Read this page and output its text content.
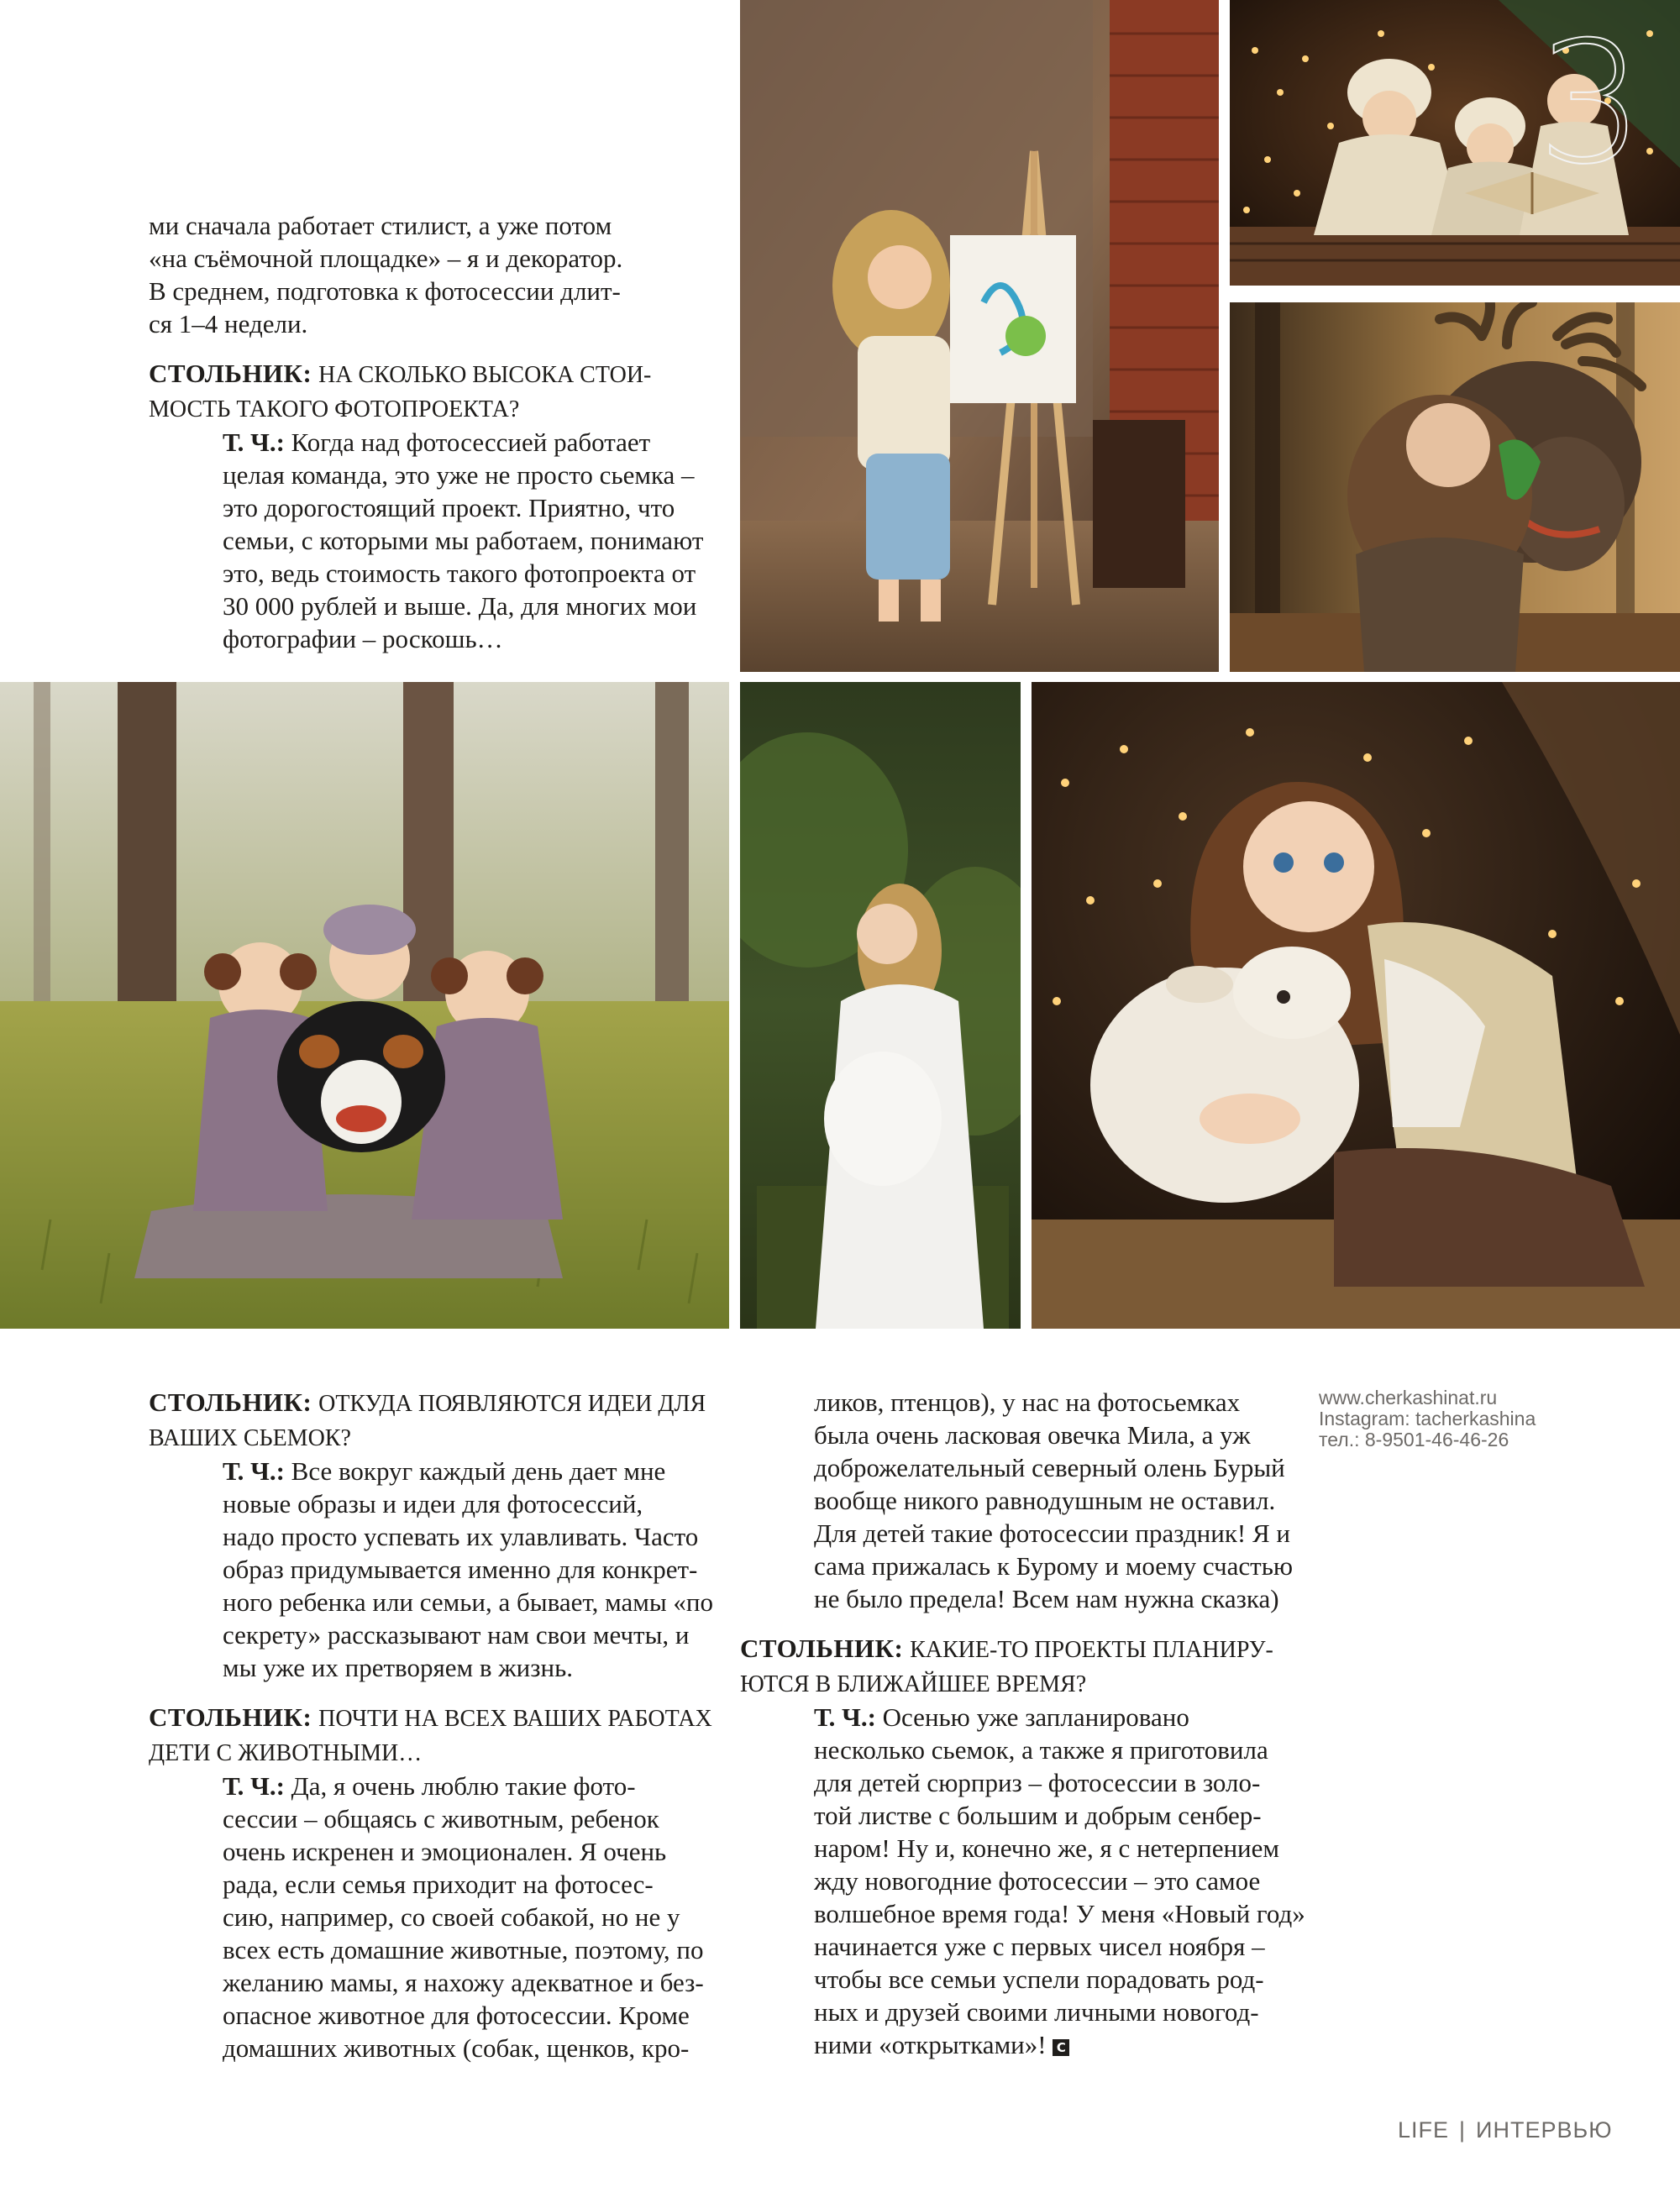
3

ми сначала работает стилист, а уже потом

«на съёмочной площадке» – я и декоратор.

В среднем, подготовка к фотосессии длит-

ся 1–4 недели.

СТОЛЬНИК: НА СКОЛЬКО ВЫСОКА СТОИ-

МОСТЬ ТАКОГО ФОТОПРОЕКТА?

Т. Ч.: Когда над фотосессией работает

целая команда, это уже не просто сьемка –

это дорогостоящий проект. Приятно, что

семьи, с которыми мы работаем, понимают

это, ведь стоимость такого фотопроекта от

30 000 рублей и выше. Да, для многих мои

фотографии – роскошь…

СТОЛЬНИК: ОТКУДА ПОЯВЛЯЮТСЯ ИДЕИ ДЛЯ

ВАШИХ СЬЕМОК?

Т. Ч.: Все вокруг каждый день дает мне

новые образы и идеи для фотосессий,

надо просто успевать их улавливать. Часто

образ придумывается именно для конкрет-

ного ребенка или семьи, а бывает, мамы «по

секрету» рассказывают нам свои мечты, и

мы уже их претворяем в жизнь.

СТОЛЬНИК: ПОЧТИ НА ВСЕХ ВАШИХ РАБОТАХ

ДЕТИ С ЖИВОТНЫМИ…

Т. Ч.: Да, я очень люблю такие фото-

сессии – общаясь с животным, ребенок

очень искренен и эмоционален. Я очень

рада, если семья приходит на фотосес-

сию, например, со своей собакой, но не у

всех есть домашние животные, поэтому, по

желанию мамы, я нахожу адекватное и без-

опасное животное для фотосессии. Кроме

домашних животных (собак, щенков, кро-

ликов, птенцов), у нас на фотосьемках

была очень ласковая овечка Мила, а уж

доброжелательный северный олень Бурый

вообще никого равнодушным не оставил.

Для детей такие фотосессии праздник! Я и

сама прижалась к Бурому и моему счастью

не было предела! Всем нам нужна сказка)

СТОЛЬНИК: КАКИЕ-ТО ПРОЕКТЫ ПЛАНИРУ-

ЮТСЯ В БЛИЖАЙШЕЕ ВРЕМЯ?

Т. Ч.: Осенью уже запланировано

несколько сьемок, а также я приготовила

для детей сюрприз – фотосессии в золо-

той листве с большим и добрым сенбер-

наром! Ну и, конечно же, я с нетерпением

жду новогодние фотосессии – это самое

волшебное время года! У меня «Новый год»

начинается уже с первых чисел ноября –

чтобы все семьи успели порадовать род-

ных и друзей своими личными новогод-

ними «открытками»! С

www.cherkashinat.ru
Instagram: tacherkashina
тел.: 8-9501-46-46-26
LIFE | ИНТЕРВЬЮ
